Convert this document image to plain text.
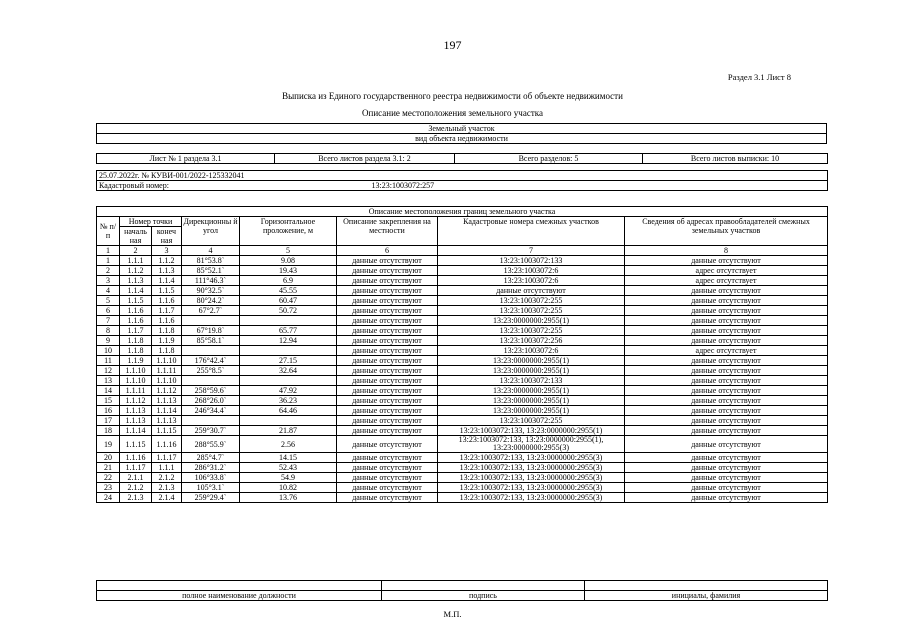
197
Раздел 3.1 Лист 8
Выписка из Единого государственного реестра недвижимости об объекте недвижимости
Описание местоположения земельного участка
Земельный участок
вид объекта недвижимости
Лист № 1 раздела 3.1	Всего листов раздела 3.1: 2	Всего разделов: 5	Всего листов выписки: 10
25.07.2022г. № КУВИ-001/2022-125332041
Кадастровый номер:	13:23:1003072:257
Описание местоположения границ земельного участка							
№ п/п	Номер точки		Дирекционны й угол	Горизонтальное проложение, м	Описание закрепления на местности	Кадастровые номера смежных участков	Сведения об адресах правообладателей смежных земельных участков
	началь ная	конеч ная					
1	2	3	4	5	6	7	8
1	1.1.1	1.1.2	81°53.8`	9.08	данные отсутствуют	13:23:1003072:133	данные отсутствуют
2	1.1.2	1.1.3	85°52.1`	19.43	данные отсутствуют	13:23:1003072:6	адрес отсутствует
3	1.1.3	1.1.4	111°46.3`	6.9	данные отсутствуют	13:23:1003072:6	адрес отсутствует
4	1.1.4	1.1.5	90°32.5`	45.55	данные отсутствуют	данные отсутствуют	данные отсутствуют
5	1.1.5	1.1.6	80°24.2`	60.47	данные отсутствуют	13:23:1003072:255	данные отсутствуют
6	1.1.6	1.1.7	67°2.7`	50.72	данные отсутствуют	13:23:1003072:255	данные отсутствуют
7	1.1.6	1.1.6			данные отсутствуют	13:23:0000000:2955(1)	данные отсутствуют
8	1.1.7	1.1.8	67°19.8`	65.77	данные отсутствуют	13:23:1003072:255	данные отсутствуют
9	1.1.8	1.1.9	85°58.1`	12.94	данные отсутствуют	13:23:1003072:256	данные отсутствуют
10	1.1.8	1.1.8			данные отсутствуют	13:23:1003072:6	адрес отсутствует
11	1.1.9	1.1.10	176°42.4`	27.15	данные отсутствуют	13:23:0000000:2955(1)	данные отсутствуют
12	1.1.10	1.1.11	255°8.5`	32.64	данные отсутствуют	13:23:0000000:2955(1)	данные отсутствуют
13	1.1.10	1.1.10			данные отсутствуют	13:23:1003072:133	данные отсутствуют
14	1.1.11	1.1.12	258°59.6`	47.92	данные отсутствуют	13:23:0000000:2955(1)	данные отсутствуют
15	1.1.12	1.1.13	268°26.0`	36.23	данные отсутствуют	13:23:0000000:2955(1)	данные отсутствуют
16	1.1.13	1.1.14	246°34.4`	64.46	данные отсутствуют	13:23:0000000:2955(1)	данные отсутствуют
17	1.1.13	1.1.13			данные отсутствуют	13:23:1003072:255	данные отсутствуют
18	1.1.14	1.1.15	259°30.7`	21.87	данные отсутствуют	13:23:1003072:133, 13:23:0000000:2955(1)	данные отсутствуют
19	1.1.15	1.1.16	288°55.9`	2.56	данные отсутствуют	13:23:1003072:133, 13:23:0000000:2955(1), 13:23:0000000:2955(3)	данные отсутствуют
20	1.1.16	1.1.17	285°4.7`	14.15	данные отсутствуют	13:23:1003072:133, 13:23:0000000:2955(3)	данные отсутствуют
21	1.1.17	1.1.1	286°31.2`	52.43	данные отсутствуют	13:23:1003072:133, 13:23:0000000:2955(3)	данные отсутствуют
22	2.1.1	2.1.2	106°33.8`	54.9	данные отсутствуют	13:23:1003072:133, 13:23:0000000:2955(3)	данные отсутствуют
23	2.1.2	2.1.3	105°3.1`	10.82	данные отсутствуют	13:23:1003072:133, 13:23:0000000:2955(3)	данные отсутствуют
24	2.1.3	2.1.4	259°29.4`	13.76	данные отсутствуют	13:23:1003072:133, 13:23:0000000:2955(3)	данные отсутствуют

полное наименование должности	подпись	инициалы, фамилия
М.П.
